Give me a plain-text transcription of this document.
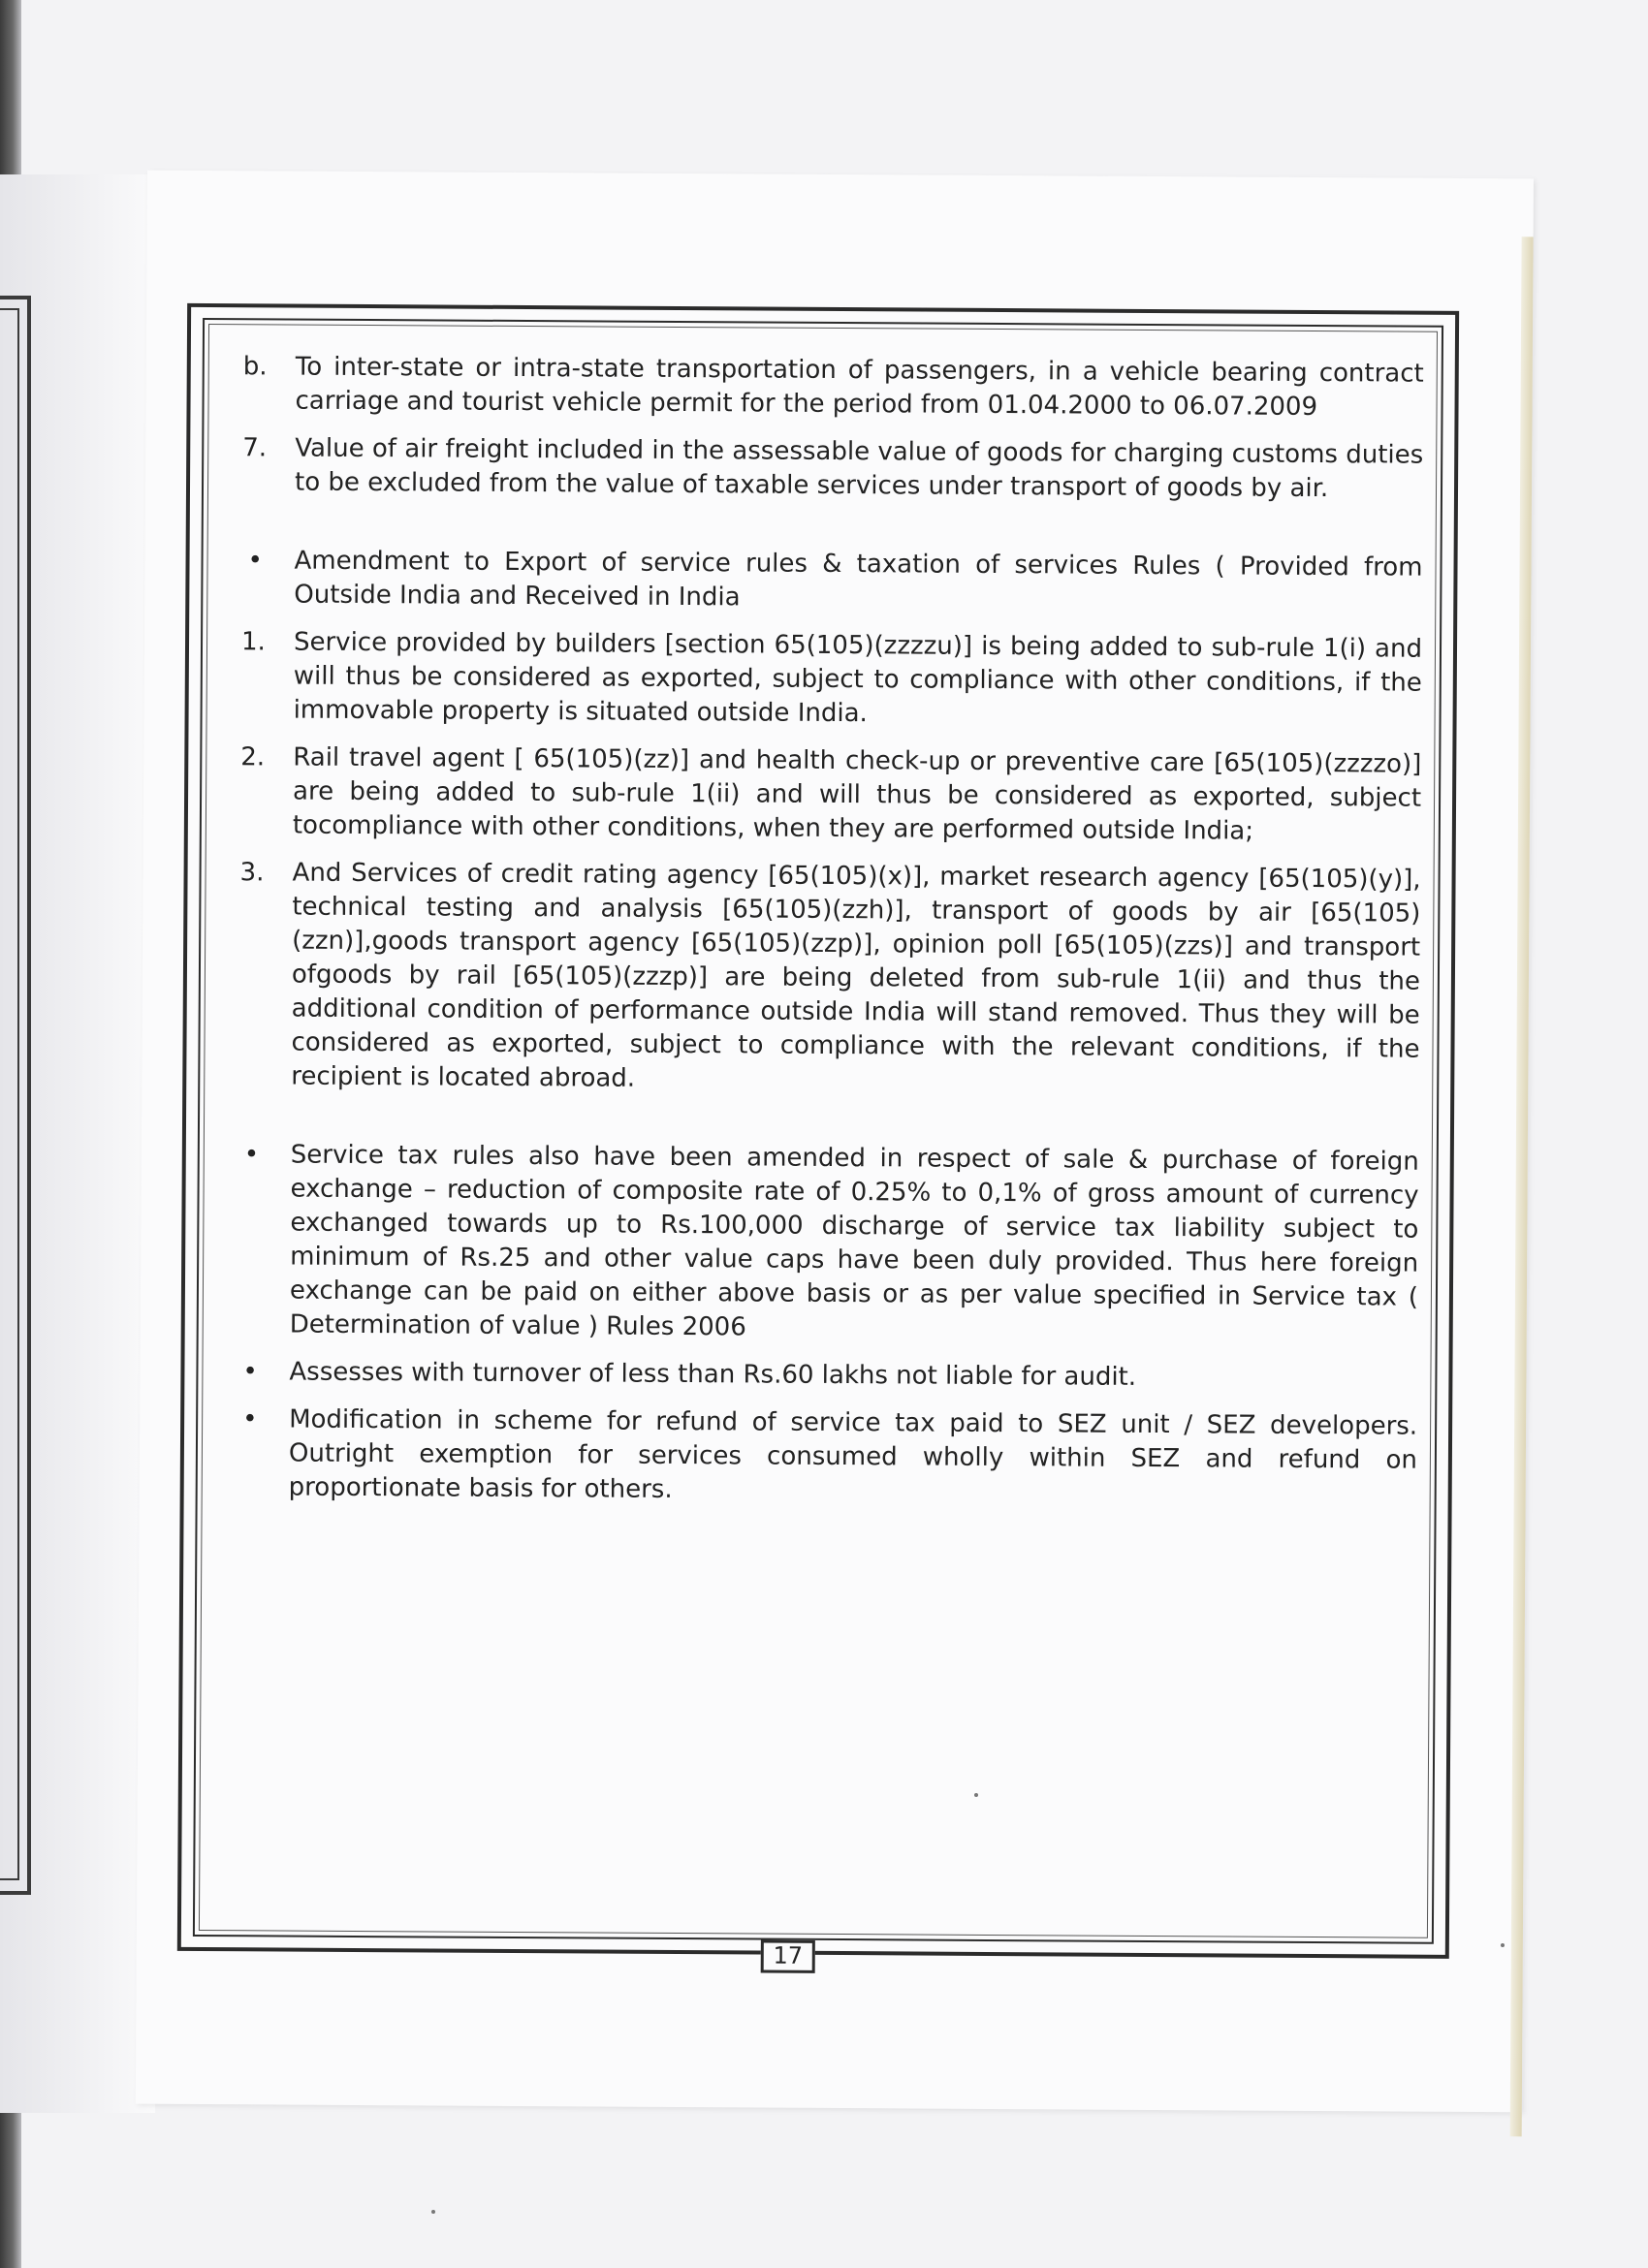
b.	To inter-state or intra-state transportation of passengers, in a vehicle bearing contract carriage and tourist vehicle permit for the period from 01.04.2000 to 06.07.2009
7.	Value of air freight included in the assessable value of goods for charging customs duties to be excluded from the value of taxable services under transport of goods by air.
•	Amendment to Export of service rules & taxation of services Rules ( Provided from Outside India and Received in India
1.	Service provided by builders [section 65(105)(zzzzu)] is being added to sub-rule 1(i) and will thus be considered as exported, subject to compliance with other conditions, if the immovable property is situated outside India.
2.	Rail travel agent [ 65(105)(zz)] and health check-up or preventive care [65(105)(zzzzo)] are being added to sub-rule 1(ii) and will thus be considered as exported, subject tocompliance with other conditions, when they are performed outside India;
3.	And Services of credit rating agency [65(105)(x)], market research agency [65(105)(y)], technical testing and analysis [65(105)(zzh)], transport of goods by air [65(105)(zzn)],goods transport agency [65(105)(zzp)], opinion poll [65(105)(zzs)] and transport ofgoods by rail [65(105)(zzzp)] are being deleted from sub-rule 1(ii) and thus the additional condition of performance outside India will stand removed. Thus they will be considered as exported, subject to compliance with the relevant conditions, if the recipient is located abroad.
•	Service tax rules also have been amended in respect of sale & purchase of foreign exchange – reduction of composite rate of 0.25% to 0,1% of gross amount of currency exchanged towards up to Rs.100,000 discharge of service tax liability subject to minimum of Rs.25 and other value caps have been duly provided. Thus here foreign exchange can be paid on either above basis or as per value specified in Service tax ( Determination of value ) Rules 2006
•	Assesses with turnover of less than Rs.60 lakhs not liable for audit.
•	Modification in scheme for refund of service tax paid to SEZ unit / SEZ developers. Outright exemption for services consumed wholly within SEZ and refund on proportionate basis for others.
17
